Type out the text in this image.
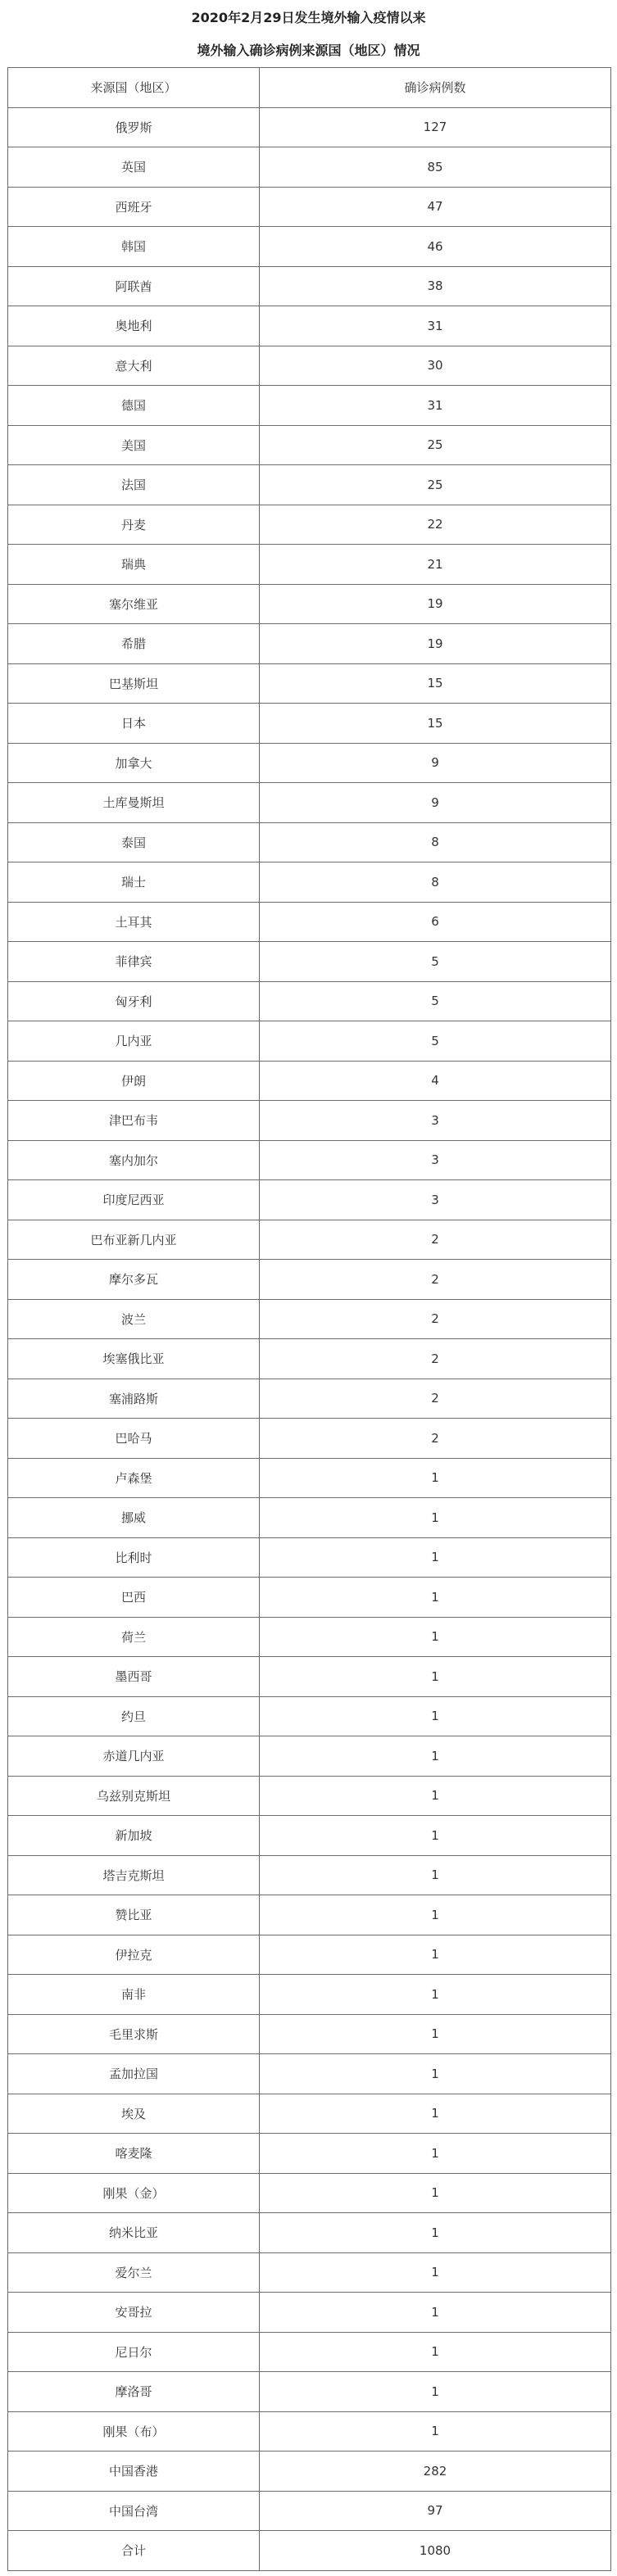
2020年2月29日发生境外输入疫情以来
境外输入确诊病例来源国（地区）情况
来源国（地区）	确诊病例数
俄罗斯	127
英国	85
西班牙	47
韩国	46
阿联酋	38
奥地利	31
意大利	30
德国	31
美国	25
法国	25
丹麦	22
瑞典	21
塞尔维亚	19
希腊	19
巴基斯坦	15
日本	15
加拿大	9
土库曼斯坦	9
泰国	8
瑞士	8
土耳其	6
菲律宾	5
匈牙利	5
几内亚	5
伊朗	4
津巴布韦	3
塞内加尔	3
印度尼西亚	3
巴布亚新几内亚	2
摩尔多瓦	2
波兰	2
埃塞俄比亚	2
塞浦路斯	2
巴哈马	2
卢森堡	1
挪威	1
比利时	1
巴西	1
荷兰	1
墨西哥	1
约旦	1
赤道几内亚	1
乌兹别克斯坦	1
新加坡	1
塔吉克斯坦	1
赞比亚	1
伊拉克	1
南非	1
毛里求斯	1
孟加拉国	1
埃及	1
喀麦隆	1
刚果（金）	1
纳米比亚	1
爱尔兰	1
安哥拉	1
尼日尔	1
摩洛哥	1
刚果（布）	1
中国香港	282
中国台湾	97
合计	1080
